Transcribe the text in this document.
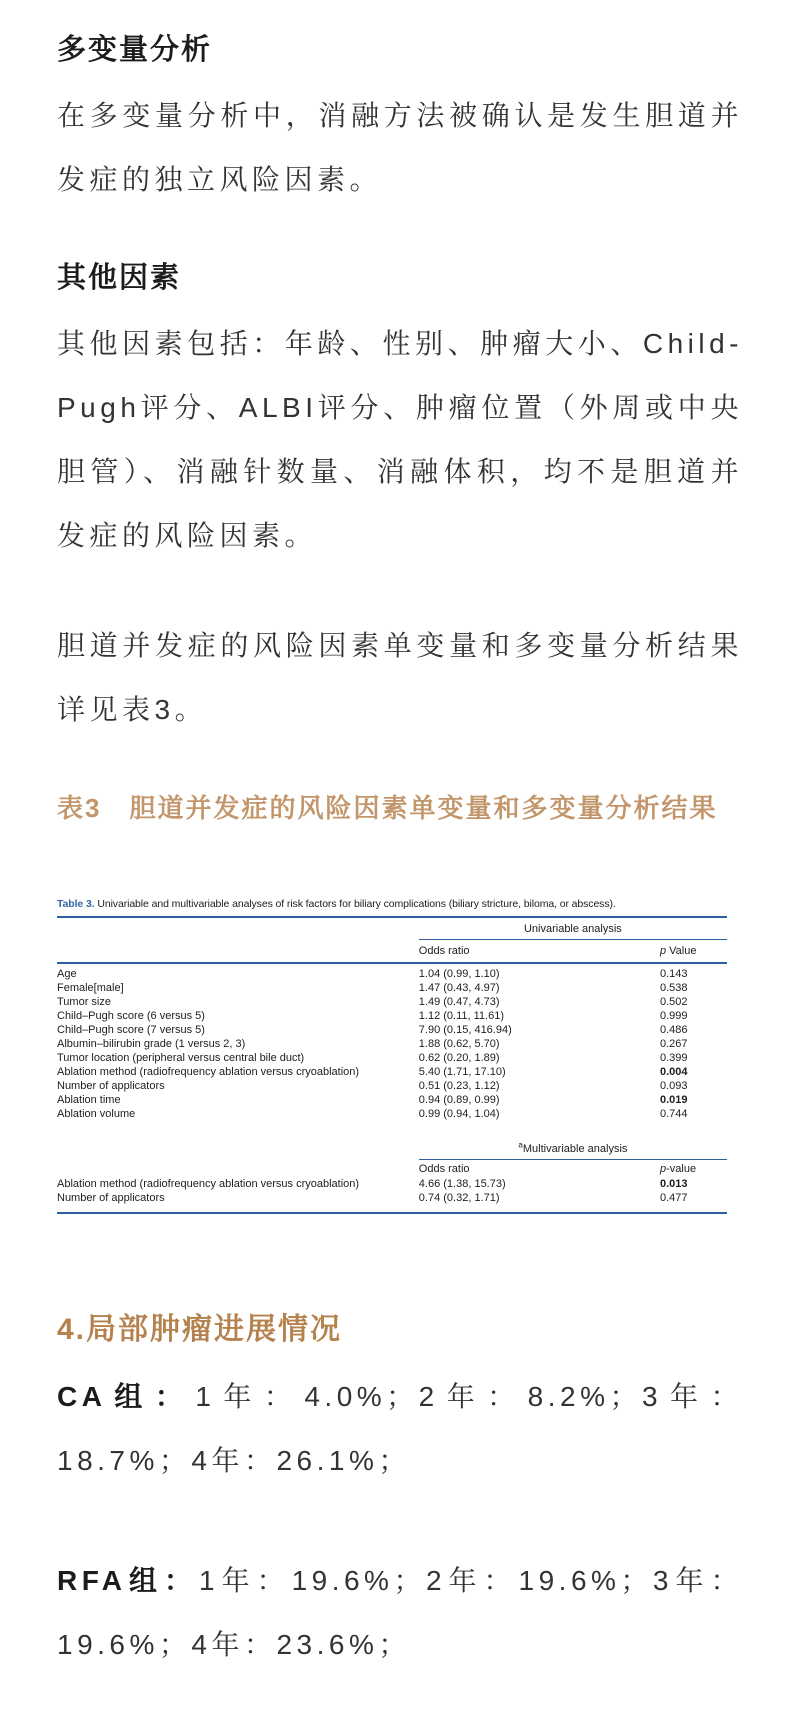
多变量分析

在多变量分析中，消融方法被确认是发生胆道并发症的独立风险因素。

其他因素

其他因素包括：年龄、性别、肿瘤大小、Child-Pugh评分、ALBI评分、肿瘤位置（外周或中央胆管）、消融针数量、消融体积，均不是胆道并发症的风险因素。

胆道并发症的风险因素单变量和多变量分析结果详见表3。

表3　胆道并发症的风险因素单变量和多变量分析结果
Table 3. Univariable and multivariable analyses of risk factors for biliary complications (biliary stricture, biloma, or abscess).
Univariable analysis
Odds ratio	p Value
Age	1.04 (0.99, 1.10)	0.143
Female[male]	1.47 (0.43, 4.97)	0.538
Tumor size	1.49 (0.47, 4.73)	0.502
Child–Pugh score (6 versus 5)	1.12 (0.11, 11.61)	0.999
Child–Pugh score (7 versus 5)	7.90 (0.15, 416.94)	0.486
Albumin–bilirubin grade (1 versus 2, 3)	1.88 (0.62, 5.70)	0.267
Tumor location (peripheral versus central bile duct)	0.62 (0.20, 1.89)	0.399
Ablation method (radiofrequency ablation versus cryoablation)	5.40 (1.71, 17.10)	0.004
Number of applicators	0.51 (0.23, 1.12)	0.093
Ablation time	0.94 (0.89, 0.99)	0.019
Ablation volume	0.99 (0.94, 1.04)	0.744
$^a$Multivariable analysis
Odds ratio	p-value
Ablation method (radiofrequency ablation versus cryoablation)	4.66 (1.38, 15.73)	0.013
Number of applicators	0.74 (0.32, 1.71)	0.477
4.局部肿瘤进展情况

CA组：1年：4.0%；2年：8.2%；3年：18.7%；4年：26.1%；

RFA组：1年：19.6%；2年：19.6%；3年：19.6%；4年：23.6%；
